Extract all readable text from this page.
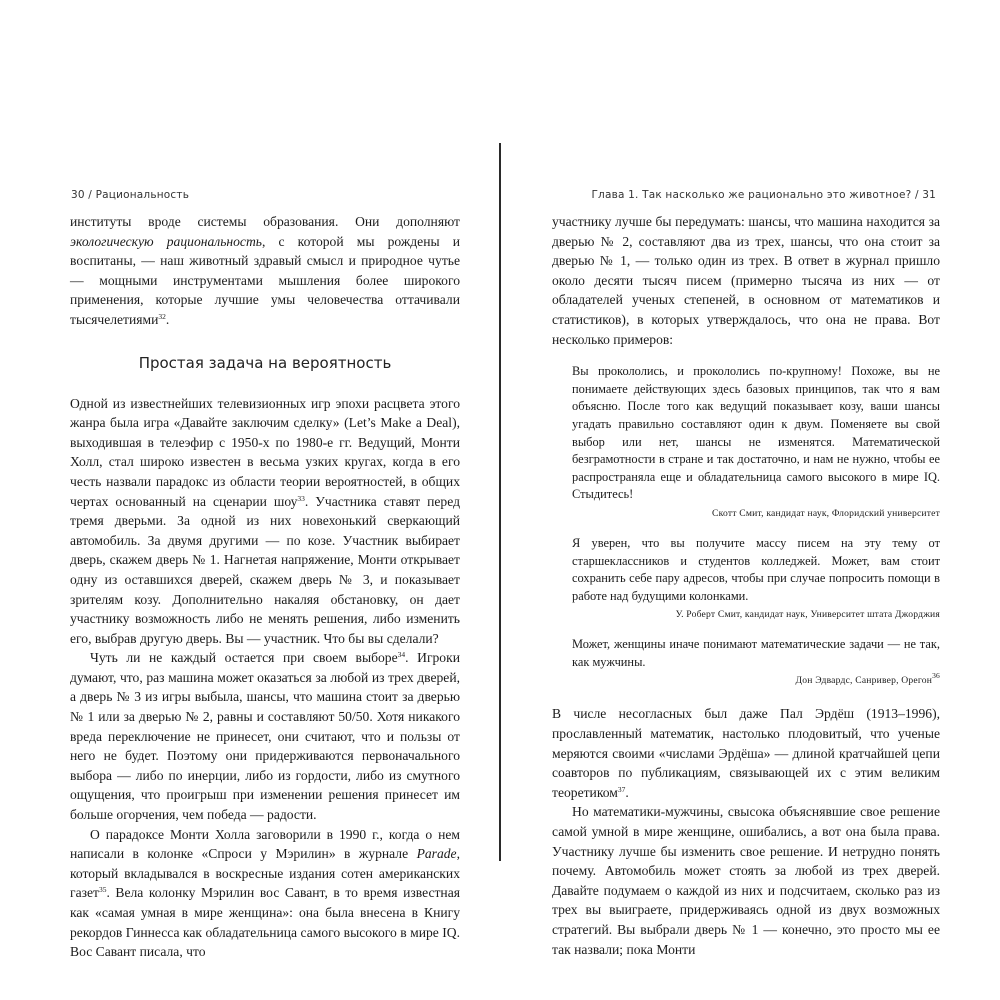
30 / Рациональность

институты вроде системы образования. Они дополняют экологическую рациональность, с которой мы рождены и воспитаны, — наш животный здравый смысл и природное чутье — мощными инструментами мышления более широкого применения, которые лучшие умы человечества оттачивали тысячелетиями$^{32}$.

Простая задача на вероятность

Одной из известнейших телевизионных игр эпохи расцвета этого жанра была игра «Давайте заключим сделку» (Let’s Make a Deal), выходившая в телеэфир с 1950-х по 1980-е гг. Ведущий, Монти Холл, стал широко известен в весьма узких кругах, когда в его честь назвали парадокс из области теории вероятностей, в общих чертах основанный на сценарии шоу$^{33}$. Участника ставят перед тремя дверьми. За одной из них новехонький сверкающий автомобиль. За двумя другими — по козе. Участник выбирает дверь, скажем дверь № 1. Нагнетая напряжение, Монти открывает одну из оставшихся дверей, скажем дверь № 3, и показывает зрителям козу. Дополнительно накаляя обстановку, он дает участнику возможность либо не менять решения, либо изменить его, выбрав другую дверь. Вы — участник. Что бы вы сделали?

Чуть ли не каждый остается при своем выборе$^{34}$. Игроки думают, что, раз машина может оказаться за любой из трех дверей, а дверь № 3 из игры выбыла, шансы, что машина стоит за дверью № 1 или за дверью № 2, равны и составляют 50/50. Хотя никакого вреда переключение не принесет, они считают, что и пользы от него не будет. Поэтому они придерживаются первоначального выбора — либо по инерции, либо из гордости, либо из смутного ощущения, что проигрыш при изменении решения принесет им больше огорчения, чем победа — радости.

О парадоксе Монти Холла заговорили в 1990 г., когда о нем написали в колонке «Спроси у Мэрилин» в журнале Parade, который вкладывался в воскресные издания сотен американских газет$^{35}$. Вела колонку Мэрилин вос Савант, в то время известная как «самая умная в мире женщина»: она была внесена в Книгу рекордов Гиннесса как обладательница самого высокого в мире IQ. Вос Савант писала, что

Глава 1. Так насколько же рационально это животное? / 31

участнику лучше бы передумать: шансы, что машина находится за дверью № 2, составляют два из трех, шансы, что она стоит за дверью № 1, — только один из трех. В ответ в журнал пришло около десяти тысяч писем (примерно тысяча из них — от обладателей ученых степеней, в основном от математиков и статистиков), в которых утверждалось, что она не права. Вот несколько примеров:

Вы прокололись, и прокололись по-крупному! Похоже, вы не понимаете действующих здесь базовых принципов, так что я вам объясню. После того как ведущий показывает козу, ваши шансы угадать правильно составляют один к двум. Поменяете вы свой выбор или нет, шансы не изменятся. Математической безграмотности в стране и так достаточно, и нам не нужно, чтобы ее распространяла еще и обладательница самого высокого в мире IQ. Стыдитесь!
Скотт Смит, кандидат наук, Флоридский университет
Я уверен, что вы получите массу писем на эту тему от старшеклассников и студентов колледжей. Может, вам стоит сохранить себе пару адресов, чтобы при случае попросить помощи в работе над будущими колонками.
У. Роберт Смит, кандидат наук, Университет штата Джорджия
Может, женщины иначе понимают математические задачи — не так, как мужчины.
Дон Эдвардс, Санривер, Орегон$^{36}$

В числе несогласных был даже Пал Эрдёш (1913–1996), прославленный математик, настолько плодовитый, что ученые меряются своими «числами Эрдёша» — длиной кратчайшей цепи соавторов по публикациям, связывающей их с этим великим теоретиком$^{37}$.

Но математики-мужчины, свысока объяснявшие свое решение самой умной в мире женщине, ошибались, а вот она была права. Участнику лучше бы изменить свое решение. И нетрудно понять почему. Автомобиль может стоять за любой из трех дверей. Давайте подумаем о каждой из них и подсчитаем, сколько раз из трех вы выиграете, придерживаясь одной из двух возможных стратегий. Вы выбрали дверь № 1 — конечно, это просто мы ее так назвали; пока Монти
